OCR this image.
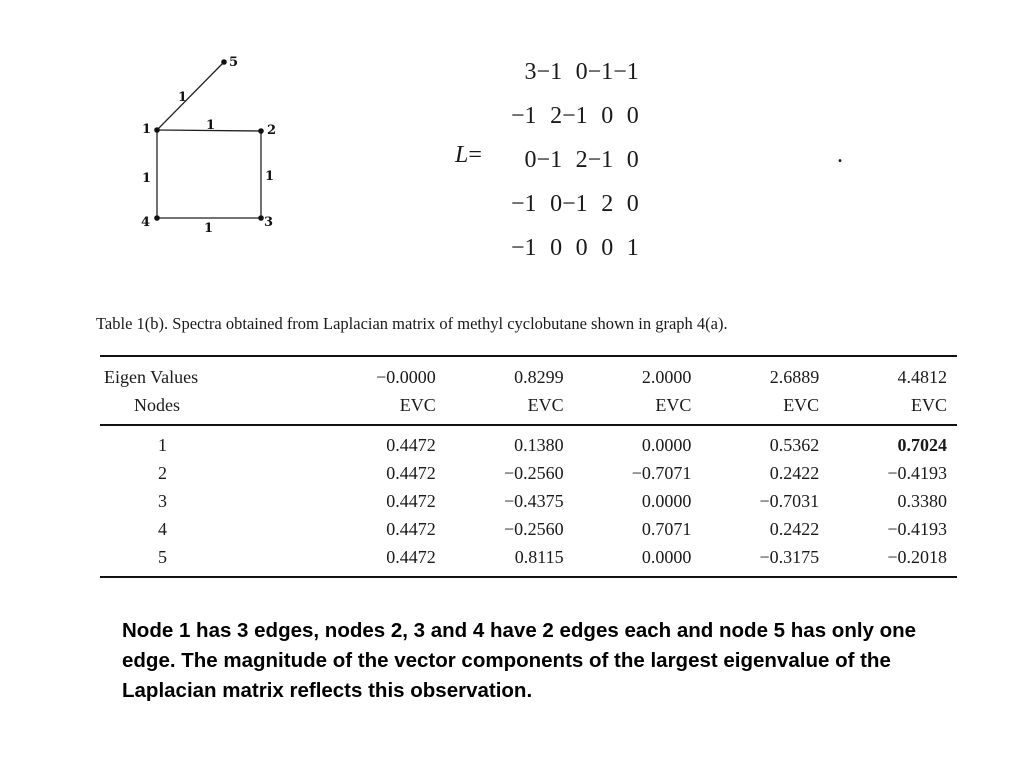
1	2
3
4
5
1
1
1
1
1
L=
3	−1	0	−1	−1
−1	2	−1	0	0
0	−1	2	−1	0
−1	0	−1	2	0
−1	0	0	0	1
.
Table 1(b). Spectra obtained from Laplacian matrix of methyl cyclobutane shown in graph 4(a).
Eigen Values	−0.0000	0.8299	2.0000	2.6889	4.4812
Nodes	EVC	EVC	EVC	EVC	EVC
1	0.4472	0.1380	0.0000	0.5362	0.7024
2	0.4472	−0.2560	−0.7071	0.2422	−0.4193
3	0.4472	−0.4375	0.0000	−0.7031	0.3380
4	0.4472	−0.2560	0.7071	0.2422	−0.4193
5	0.4472	0.8115	0.0000	−0.3175	−0.2018
Node 1 has 3 edges, nodes 2, 3 and 4 have 2 edges each and node 5 has only one edge. The magnitude of the vector components of the largest eigenvalue of the Laplacian matrix reflects this observation.
